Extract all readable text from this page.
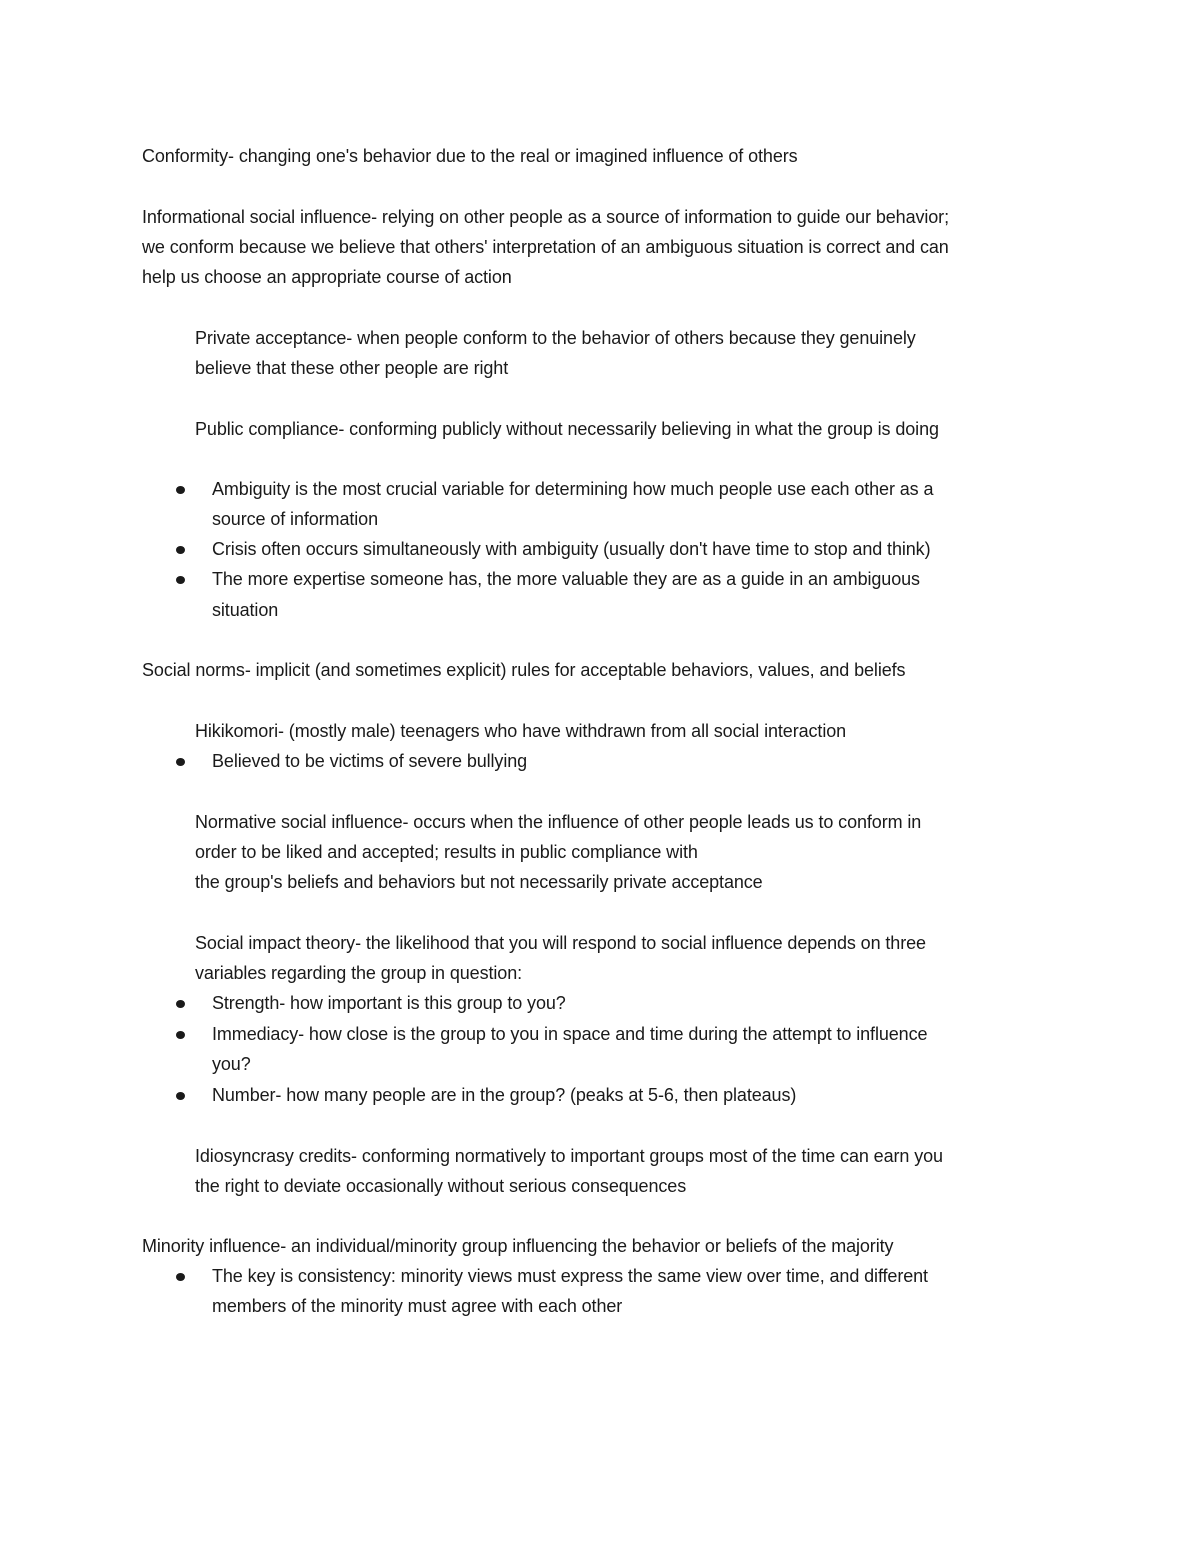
Conformity- changing one's behavior due to the real or imagined influence of others
Informational social influence- relying on other people as a source of information to guide our behavior;
we conform because we believe that others' interpretation of an ambiguous situation is correct and can
help us choose an appropriate course of action
Private acceptance- when people conform to the behavior of others because they genuinely
believe that these other people are right
Public compliance- conforming publicly without necessarily believing in what the group is doing
Ambiguity is the most crucial variable for determining how much people use each other as a
source of information
Crisis often occurs simultaneously with ambiguity (usually don't have time to stop and think)
The more expertise someone has, the more valuable they are as a guide in an ambiguous
situation
Social norms- implicit (and sometimes explicit) rules for acceptable behaviors, values, and beliefs
Hikikomori- (mostly male) teenagers who have withdrawn from all social interaction
Believed to be victims of severe bullying
Normative social influence- occurs when the influence of other people leads us to conform in
order to be liked and accepted; results in public compliance with
the group's beliefs and behaviors but not necessarily private acceptance
Social impact theory- the likelihood that you will respond to social influence depends on three
variables regarding the group in question:
Strength- how important is this group to you?
Immediacy- how close is the group to you in space and time during the attempt to influence
you?
Number- how many people are in the group? (peaks at 5-6, then plateaus)
Idiosyncrasy credits- conforming normatively to important groups most of the time can earn you
the right to deviate occasionally without serious consequences
Minority influence- an individual/minority group influencing the behavior or beliefs of the majority
The key is consistency: minority views must express the same view over time, and different
members of the minority must agree with each other
